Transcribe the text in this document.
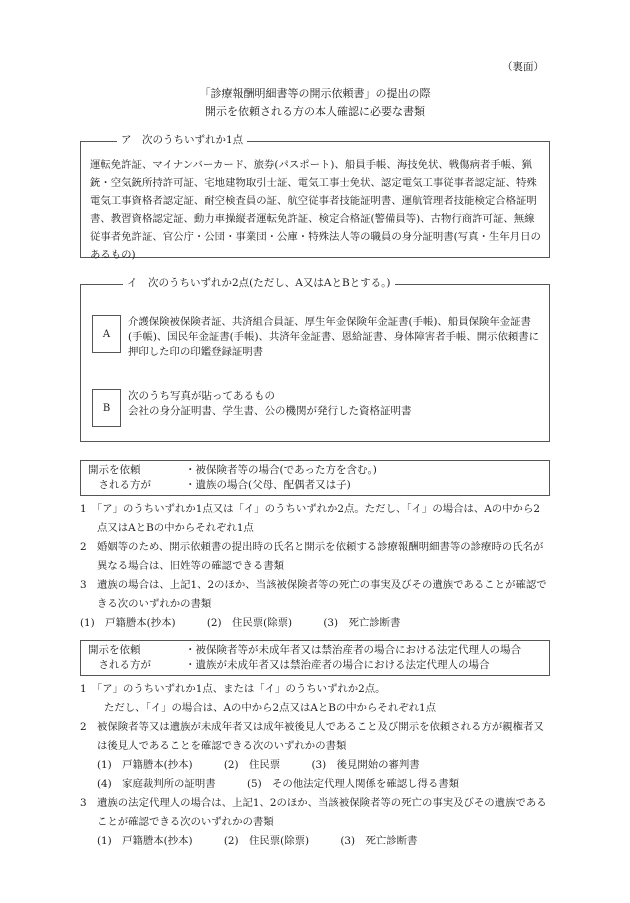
（裏面）
「診療報酬明細書等の開示依頼書」の提出の際
開示を依頼される方の本人確認に必要な書類
ア　次のうちいずれか1点
運転免許証、マイナンバーカード、旅券(パスポート)、船員手帳、海技免状、戦傷病者手帳、猟銃・空気銃所持許可証、宅地建物取引士証、電気工事士免状、認定電気工事従事者認定証、特殊電気工事資格者認定証、耐空検査員の証、航空従事者技能証明書、運航管理者技能検定合格証明書、教習資格認定証、動力車操縦者運転免許証、検定合格証(警備員等)、古物行商許可証、無線従事者免許証、官公庁・公団・事業団・公庫・特殊法人等の職員の身分証明書(写真・生年月日のあるもの)
イ　次のうちいずれか2点(ただし、A又はAとBとする。)
A
介護保険被保険者証、共済組合員証、厚生年金保険年金証書(手帳)、船員保険年金証書(手帳)、国民年金証書(手帳)、共済年金証書、恩給証書、身体障害者手帳、開示依頼書に押印した印の印鑑登録証明書
B
次のうち写真が貼ってあるもの
会社の身分証明書、学生書、公の機関が発行した資格証明書
開示を依頼	・被保険者等の場合(であった方を含む。)
　される方が	・遺族の場合(父母、配偶者又は子)

1　「ア」のうちいずれか1点又は「イ」のうちいずれか2点。ただし、「イ」の場合は、Aの中から2点又はAとBの中からそれぞれ1点

2　婚姻等のため、開示依頼書の提出時の氏名と開示を依頼する診療報酬明細書等の診療時の氏名が異なる場合は、旧姓等の確認できる書類

3　遺族の場合は、上記1、2のほか、当該被保険者等の死亡の事実及びその遺族であることが確認できる次のいずれかの書類

(1)　戸籍謄本(抄本)	(2)　住民票(除票)	(3)　死亡診断書

開示を依頼	・被保険者等が未成年者又は禁治産者の場合における法定代理人の場合
　される方が	・遺族が未成年者又は禁治産者の場合における法定代理人の場合

1　「ア」のうちいずれか1点、または「イ」のうちいずれか2点。

ただし、「イ」の場合は、Aの中から2点又はAとBの中からそれぞれ1点

2　被保険者等又は遺族が未成年者又は成年被後見人であること及び開示を依頼される方が親権者又は後見人であることを確認できる次のいずれかの書類

(1)　戸籍謄本(抄本)	(2)　住民票	(3)　後見開始の審判書

(4)　家庭裁判所の証明書	(5)　その他法定代理人関係を確認し得る書類

3　遺族の法定代理人の場合は、上記1、2のほか、当該被保険者等の死亡の事実及びその遺族であることが確認できる次のいずれかの書類

(1)　戸籍謄本(抄本)	(2)　住民票(除票)	(3)　死亡診断書
